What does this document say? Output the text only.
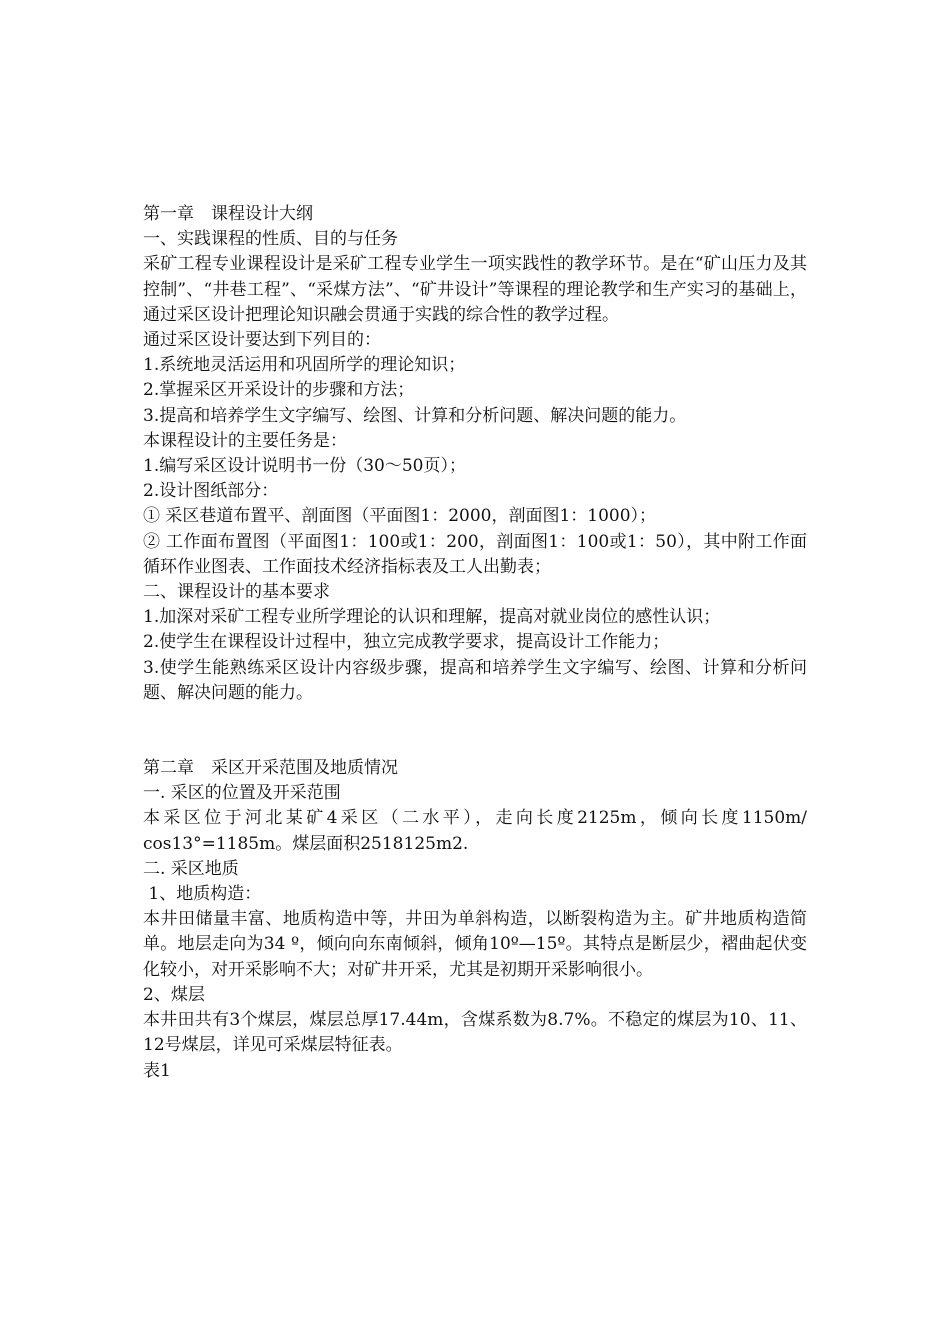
第一章　课程设计大纲

一、实践课程的性质、目的与任务

采矿工程专业课程设计是采矿工程专业学生一项实践性的教学环节。是在“矿山压力及其控制”、“井巷工程”、“采煤方法”、“矿井设计”等课程的理论教学和生产实习的基础上，通过采区设计把理论知识融会贯通于实践的综合性的教学过程。

通过采区设计要达到下列目的：

1.系统地灵活运用和巩固所学的理论知识；

2.掌握采区开采设计的步骤和方法；

3.提高和培养学生文字编写、绘图、计算和分析问题、解决问题的能力。

本课程设计的主要任务是：

1.编写采区设计说明书一份（30～50页）；

2.设计图纸部分：

① 采区巷道布置平、剖面图（平面图1：2000，剖面图1：1000）；

② 工作面布置图（平面图1：100或1：200，剖面图1：100或1：50），其中附工作面循环作业图表、工作面技术经济指标表及工人出勤表；

二、课程设计的基本要求

1.加深对采矿工程专业所学理论的认识和理解，提高对就业岗位的感性认识；

2.使学生在课程设计过程中，独立完成教学要求，提高设计工作能力；

3.使学生能熟练采区设计内容级步骤，提高和培养学生文字编写、绘图、计算和分析问题、解决问题的能力。

第二章　采区开采范围及地质情况

一. 采区的位置及开采范围

本采区位于河北某矿4采区（二水平），走向长度2125m，倾向长度1150m/ cos13°=1185m。煤层面积2518125m2.

二. 采区地质

1、地质构造：

本井田储量丰富、地质构造中等，井田为单斜构造，以断裂构造为主。矿井地质构造简单。地层走向为34 º，倾向向东南倾斜，倾角10º—15º。其特点是断层少，褶曲起伏变化较小，对开采影响不大；对矿井开采，尤其是初期开采影响很小。

2、煤层

本井田共有3个煤层，煤层总厚17.44m，含煤系数为8.7%。不稳定的煤层为10、11、12号煤层，详见可采煤层特征表。

表1
